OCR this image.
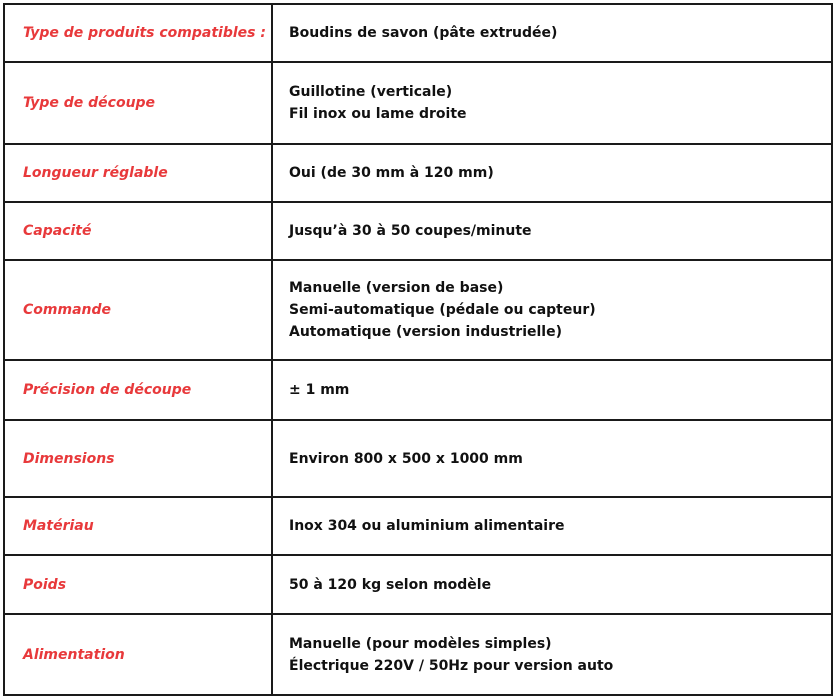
Type de produits compatibles :	Boudins de savon (pâte extrudée)

Type de découpe	Guillotine (verticale)
Fil inox ou lame droite

Longueur réglable	Oui (de 30 mm à 120 mm)

Capacité	Jusqu’à 30 à 50 coupes/minute

Commande	Manuelle (version de base)
Semi-automatique (pédale ou capteur)
Automatique (version industrielle)

Précision de découpe	± 1 mm

Dimensions	Environ 800 x 500 x 1000 mm

Matériau	Inox 304 ou aluminium alimentaire

Poids	50 à 120 kg selon modèle

Alimentation	Manuelle (pour modèles simples)
Électrique 220V / 50Hz pour version auto
